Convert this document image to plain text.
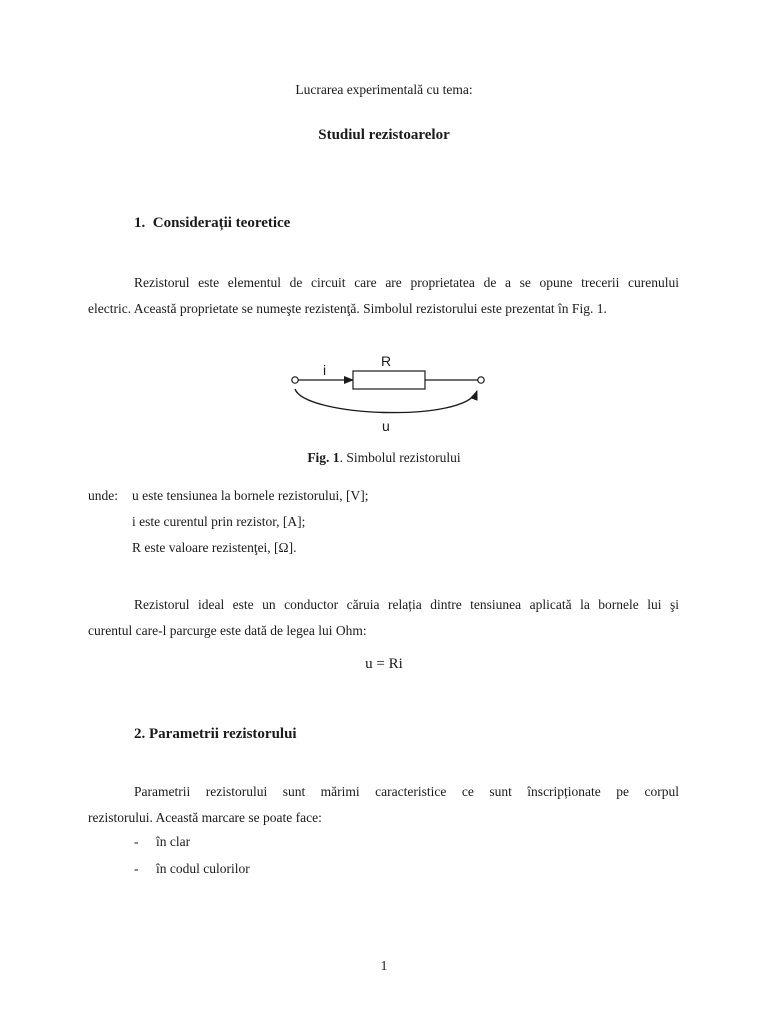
Lucrarea experimentală cu tema:

Studiul rezistoarelor

1.  Considerații teoretice

Rezistorul este elementul de circuit care are proprietatea de a se opune trecerii curenului
electric. Această proprietate se numeşte rezistenţă. Simbolul rezistorului este prezentat în Fig. 1.
i
R
u

Fig. 1. Simbolul rezistorului

unde: u este tensiunea la bornele rezistorului, [V];
i este curentul prin rezistor, [A];
R este valoare rezistenţei, [Ω].
Rezistorul ideal este un conductor căruia relația dintre tensiunea aplicată la bornele lui şi
curentul care-l parcurge este dată de legea lui Ohm:

u = Ri

2. Parametrii rezistorului

Parametrii rezistorului sunt mărimi caracteristice ce sunt înscripționate pe corpul
rezistorului. Această marcare se poate face:
- în clar
- în codul culorilor

1
